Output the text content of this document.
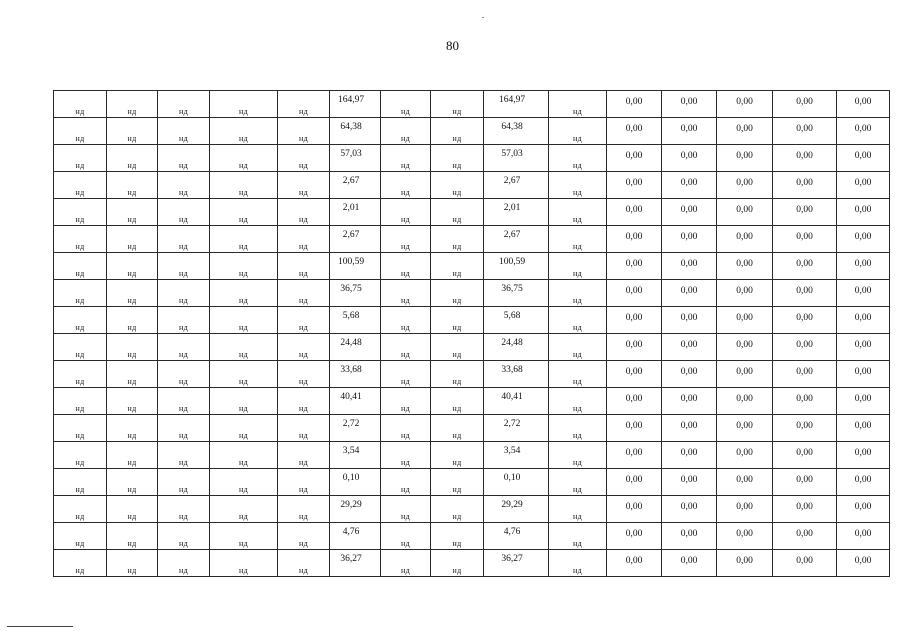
80
нд	нд	нд	нд	нд	164,97	нд	нд	164,97	нд	0,00	0,00	0,00	0,00	0,00

нд	нд	нд	нд	нд	64,38	нд	нд	64,38	нд	0,00	0,00	0,00	0,00	0,00

нд	нд	нд	нд	нд	57,03	нд	нд	57,03	нд	0,00	0,00	0,00	0,00	0,00

нд	нд	нд	нд	нд	2,67	нд	нд	2,67	нд	0,00	0,00	0,00	0,00	0,00

нд	нд	нд	нд	нд	2,01	нд	нд	2,01	нд	0,00	0,00	0,00	0,00	0,00

нд	нд	нд	нд	нд	2,67	нд	нд	2,67	нд	0,00	0,00	0,00	0,00	0,00

нд	нд	нд	нд	нд	100,59	нд	нд	100,59	нд	0,00	0,00	0,00	0,00	0,00

нд	нд	нд	нд	нд	36,75	нд	нд	36,75	нд	0,00	0,00	0,00	0,00	0,00

нд	нд	нд	нд	нд	5,68	нд	нд	5,68	нд	0,00	0,00	0,00	0,00	0,00

нд	нд	нд	нд	нд	24,48	нд	нд	24,48	нд	0,00	0,00	0,00	0,00	0,00

нд	нд	нд	нд	нд	33,68	нд	нд	33,68	нд	0,00	0,00	0,00	0,00	0,00

нд	нд	нд	нд	нд	40,41	нд	нд	40,41	нд	0,00	0,00	0,00	0,00	0,00

нд	нд	нд	нд	нд	2,72	нд	нд	2,72	нд	0,00	0,00	0,00	0,00	0,00

нд	нд	нд	нд	нд	3,54	нд	нд	3,54	нд	0,00	0,00	0,00	0,00	0,00

нд	нд	нд	нд	нд	0,10	нд	нд	0,10	нд	0,00	0,00	0,00	0,00	0,00

нд	нд	нд	нд	нд	29,29	нд	нд	29,29	нд	0,00	0,00	0,00	0,00	0,00

нд	нд	нд	нд	нд	4,76	нд	нд	4,76	нд	0,00	0,00	0,00	0,00	0,00

нд	нд	нд	нд	нд	36,27	нд	нд	36,27	нд	0,00	0,00	0,00	0,00	0,00
